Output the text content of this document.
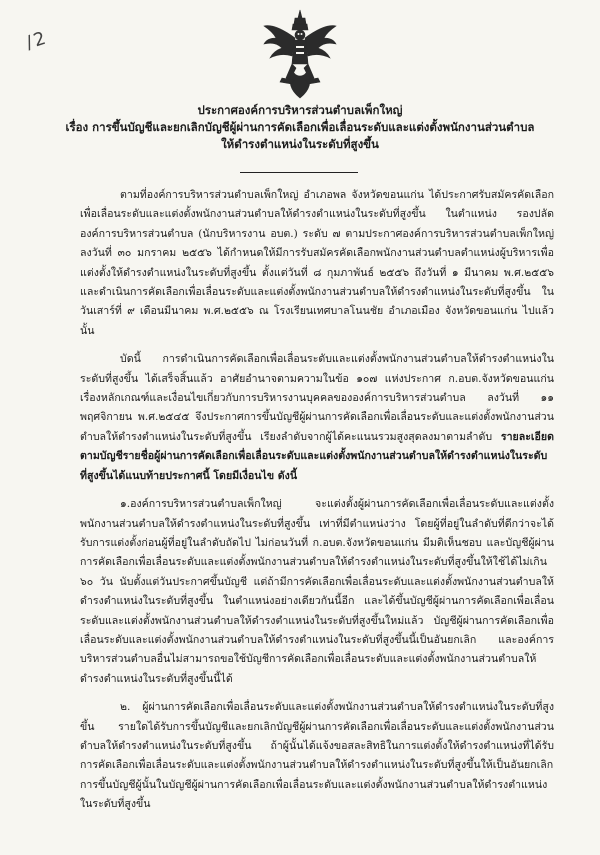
/2
ประกาศองค์การบริหารส่วนตำบลเพ็กใหญ่
เรื่อง การขึ้นบัญชีและยกเลิกบัญชีผู้ผ่านการคัดเลือกเพื่อเลื่อนระดับและแต่งตั้งพนักงานส่วนตำบล
ให้ดำรงตำแหน่งในระดับที่สูงขึ้น

ตามที่องค์การบริหารส่วนตำบลเพ็กใหญ่ อำเภอพล จังหวัดขอนแก่น ได้ประกาศรับสมัครคัดเลือกเพื่อเลื่อนระดับและแต่งตั้งพนักงานส่วนตำบลให้ดำรงตำแหน่งในระดับที่สูงขึ้น ในตำแหน่ง รองปลัดองค์การบริหารส่วนตำบล (นักบริหารงาน อบต.) ระดับ ๗ ตามประกาศองค์การบริหารส่วนตำบลเพ็กใหญ่ ลงวันที่ ๓๐ มกราคม ๒๕๕๖ ได้กำหนดให้มีการรับสมัครคัดเลือกพนักงานส่วนตำบลตำแหน่งผู้บริหารเพื่อแต่งตั้งให้ดำรงตำแหน่งในระดับที่สูงขึ้น ตั้งแต่วันที่ ๘ กุมภาพันธ์ ๒๕๕๖ ถึงวันที่ ๑ มีนาคม พ.ศ.๒๕๕๖ และดำเนินการคัดเลือกเพื่อเลื่อนระดับและแต่งตั้งพนักงานส่วนตำบลให้ดำรงตำแหน่งในระดับที่สูงขึ้น ในวันเสาร์ที่ ๙ เดือนมีนาคม พ.ศ.๒๕๕๖ ณ โรงเรียนเทศบาลโนนชัย อำเภอเมือง จังหวัดขอนแก่น ไปแล้ว นั้น

บัดนี้ การดำเนินการคัดเลือกเพื่อเลื่อนระดับและแต่งตั้งพนักงานส่วนตำบลให้ดำรงตำแหน่งในระดับที่สูงขึ้น ได้เสร็จสิ้นแล้ว อาศัยอำนาจตามความในข้อ ๑๐๗ แห่งประกาศ ก.อบต.จังหวัดขอนแก่น เรื่องหลักเกณฑ์และเงื่อนไขเกี่ยวกับการบริหารงานบุคคลขององค์การบริหารส่วนตำบล ลงวันที่ ๑๑ พฤศจิกายน พ.ศ.๒๕๔๕ จึงประกาศการขึ้นบัญชีผู้ผ่านการคัดเลือกเพื่อเลื่อนระดับและแต่งตั้งพนักงานส่วนตำบลให้ดำรงตำแหน่งในระดับที่สูงขึ้น เรียงลำดับจากผู้ได้คะแนนรวมสูงสุดลงมาตามลำดับ รายละเอียดตามบัญชีรายชื่อผู้ผ่านการคัดเลือกเพื่อเลื่อนระดับและแต่งตั้งพนักงานส่วนตำบลให้ดำรงตำแหน่งในระดับที่สูงขึ้นได้แนบท้ายประกาศนี้ โดยมีเงื่อนไข ดังนี้

๑.องค์การบริหารส่วนตำบลเพ็กใหญ่ จะแต่งตั้งผู้ผ่านการคัดเลือกเพื่อเลื่อนระดับและแต่งตั้งพนักงานส่วนตำบลให้ดำรงตำแหน่งในระดับที่สูงขึ้น เท่าที่มีตำแหน่งว่าง โดยผู้ที่อยู่ในลำดับที่ดีกว่าจะได้รับการแต่งตั้งก่อนผู้ที่อยู่ในลำดับถัดไป ไม่ก่อนวันที่ ก.อบต.จังหวัดขอนแก่น มีมติเห็นชอบ และบัญชีผู้ผ่านการคัดเลือกเพื่อเลื่อนระดับและแต่งตั้งพนักงานส่วนตำบลให้ดำรงตำแหน่งในระดับที่สูงขึ้นให้ใช้ได้ไม่เกิน ๖๐ วัน นับตั้งแต่วันประกาศขึ้นบัญชี แต่ถ้ามีการคัดเลือกเพื่อเลื่อนระดับและแต่งตั้งพนักงานส่วนตำบลให้ดำรงตำแหน่งในระดับที่สูงขึ้น ในตำแหน่งอย่างเดียวกันนี้อีก และได้ขึ้นบัญชีผู้ผ่านการคัดเลือกเพื่อเลื่อนระดับและแต่งตั้งพนักงานส่วนตำบลให้ดำรงตำแหน่งในระดับที่สูงขึ้นใหม่แล้ว บัญชีผู้ผ่านการคัดเลือกเพื่อเลื่อนระดับและแต่งตั้งพนักงานส่วนตำบลให้ดำรงตำแหน่งในระดับที่สูงขึ้นนี้เป็นอันยกเลิก และองค์การบริหารส่วนตำบลอื่นไม่สามารถขอใช้บัญชีการคัดเลือกเพื่อเลื่อนระดับและแต่งตั้งพนักงานส่วนตำบลให้ดำรงตำแหน่งในระดับที่สูงขึ้นนี้ได้

๒. ผู้ผ่านการคัดเลือกเพื่อเลื่อนระดับและแต่งตั้งพนักงานส่วนตำบลให้ดำรงตำแหน่งในระดับที่สูงขึ้น รายใดได้รับการขึ้นบัญชีและยกเลิกบัญชีผู้ผ่านการคัดเลือกเพื่อเลื่อนระดับและแต่งตั้งพนักงานส่วนตำบลให้ดำรงตำแหน่งในระดับที่สูงขึ้น ถ้าผู้นั้นได้แจ้งขอสละสิทธิในการแต่งตั้งให้ดำรงตำแหน่งที่ได้รับการคัดเลือกเพื่อเลื่อนระดับและแต่งตั้งพนักงานส่วนตำบลให้ดำรงตำแหน่งในระดับที่สูงขึ้นให้เป็นอันยกเลิกการขึ้นบัญชีผู้นั้นในบัญชีผู้ผ่านการคัดเลือกเพื่อเลื่อนระดับและแต่งตั้งพนักงานส่วนตำบลให้ดำรงตำแหน่งในระดับที่สูงขึ้น
